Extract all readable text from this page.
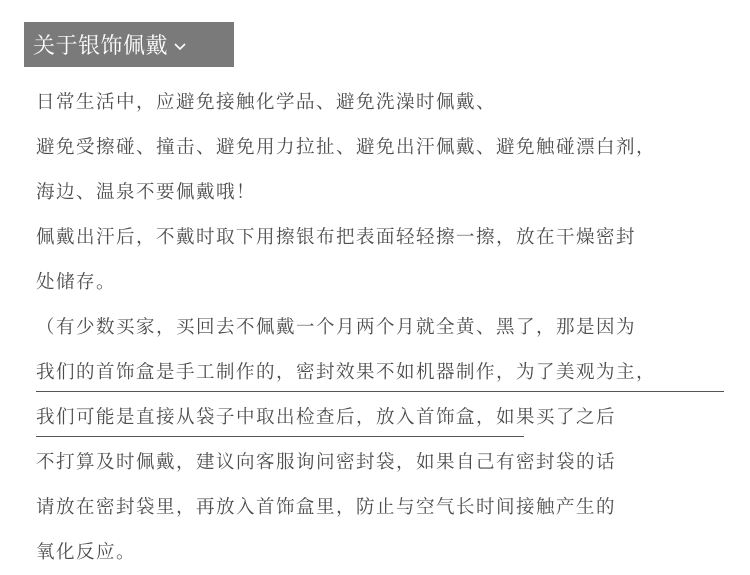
关于银饰佩戴
日常生活中，应避免接触化学品、避免洗澡时佩戴、
避免受擦碰、撞击、避免用力拉扯、避免出汗佩戴、避免触碰漂白剂，
海边、温泉不要佩戴哦！
佩戴出汗后，不戴时取下用擦银布把表面轻轻擦一擦，放在干燥密封
处储存。
（有少数买家，买回去不佩戴一个月两个月就全黄、黑了，那是因为
我们的首饰盒是手工制作的，密封效果不如机器制作，为了美观为主，
我们可能是直接从袋子中取出检查后，放入首饰盒，如果买了之后
不打算及时佩戴，建议向客服询问密封袋，如果自己有密封袋的话
请放在密封袋里，再放入首饰盒里，防止与空气长时间接触产生的
氧化反应。
